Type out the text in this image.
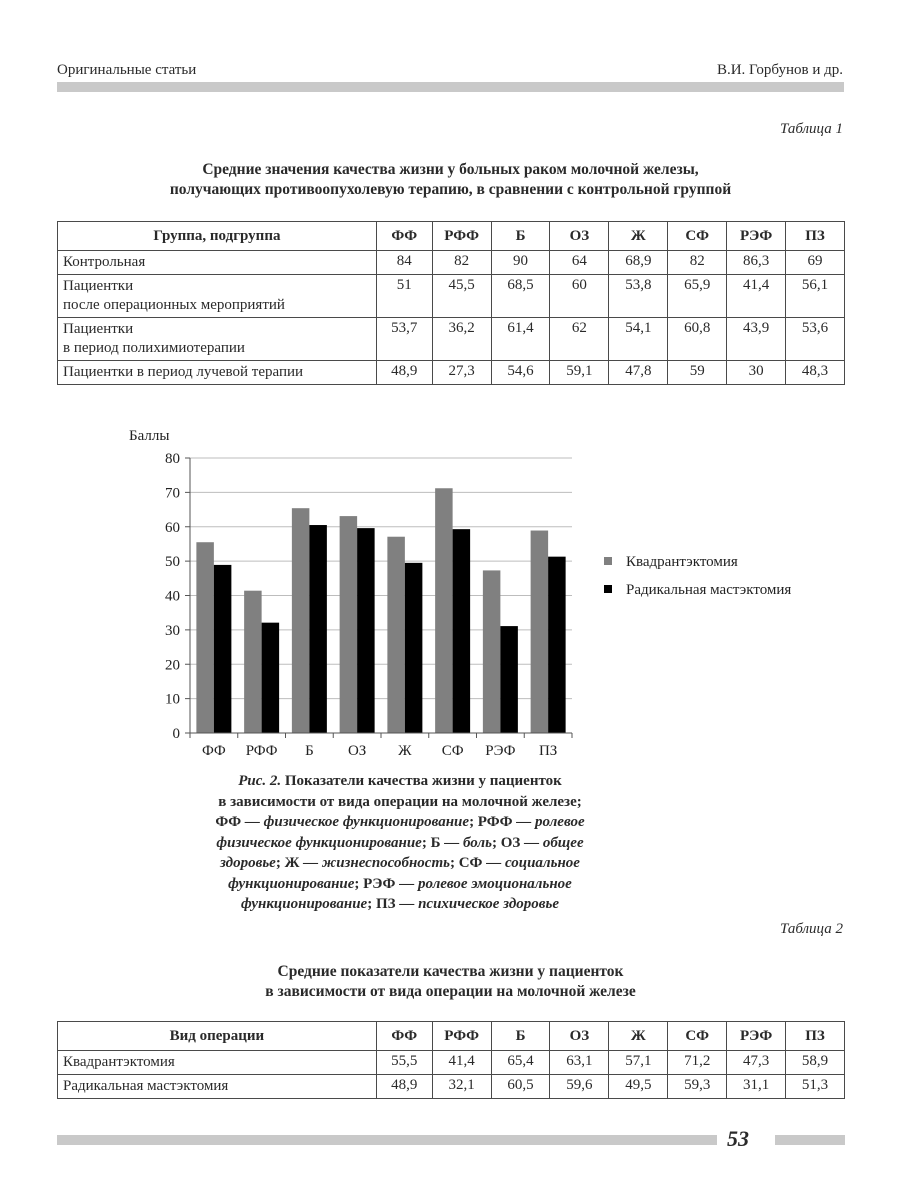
Оригинальные статьи	В.И. Горбунов и др.
Таблица 1
Средние значения качества жизни у больных раком молочной железы,
получающих противоопухолевую терапию, в сравнении с контрольной группой
Группа, подгруппа	ФФ	РФФ	Б	ОЗ	Ж	СФ	РЭФ	ПЗ
Контрольная	84	82	90	64	68,9	82	86,3	69

Пациентки
после операционных мероприятий	51	45,5	68,5	60	53,8	65,9	41,4	56,1

Пациентки
в период полихимиотерапии	53,7	36,2	61,4	62	54,1	60,8	43,9	53,6
Пациентки в период лучевой терапии	48,9	27,3	54,6	59,1	47,8	59	30	48,3
Баллы
0
10
20
30
40
50
60
70
80
ФФ РФФ Б ОЗ Ж СФ РЭФ ПЗ
Квадрантэктомия
Радикальная мастэктомия
Рис. 2. Показатели качества жизни у пациенток
в зависимости от вида операции на молочной железе;
ФФ — физическое функционирование; РФФ — ролевое
физическое функционирование; Б — боль; ОЗ — общее
здоровье; Ж — жизнеспособность; СФ — социальное
функционирование; РЭФ — ролевое эмоциональное
функционирование; ПЗ — психическое здоровье
Таблица 2
Средние показатели качества жизни у пациенток
в зависимости от вида операции на молочной железе
Вид операции	ФФ	РФФ	Б	ОЗ	Ж	СФ	РЭФ	ПЗ
Квадрантэктомия	55,5	41,4	65,4	63,1	57,1	71,2	47,3	58,9
Радикальная мастэктомия	48,9	32,1	60,5	59,6	49,5	59,3	31,1	51,3
53
